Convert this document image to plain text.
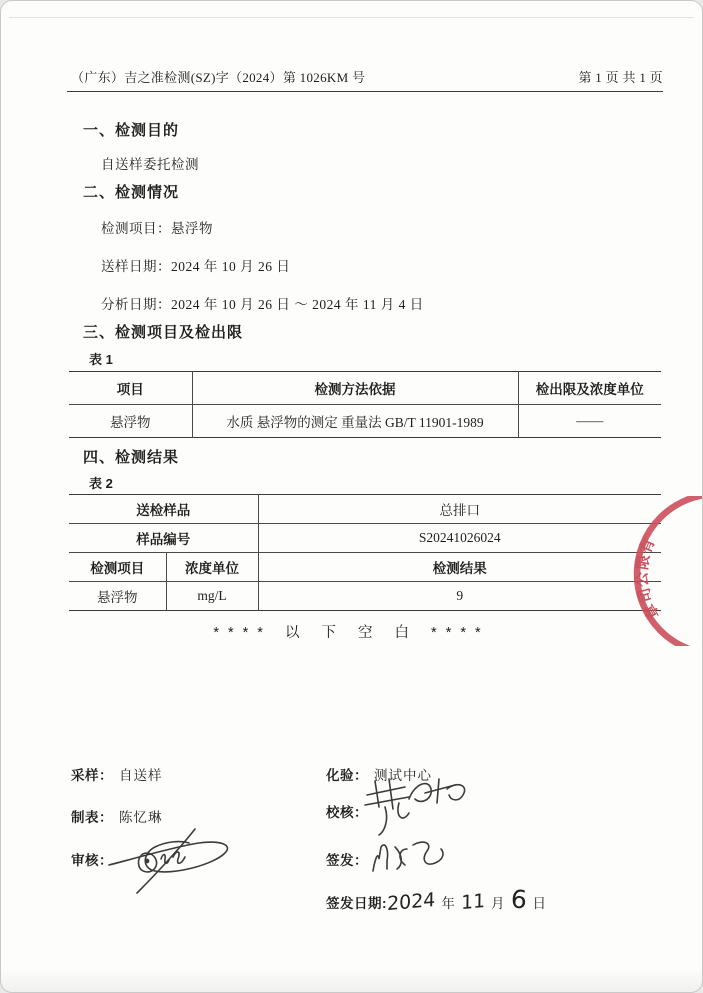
（广东）吉之准检测(SZ)字（2024）第 1026KM 号	第 1 页 共 1 页
一、检测目的
自送样委托检测
二、检测情况
检测项目：悬浮物
送样日期：2024 年 10 月 26 日
分析日期：2024 年 10 月 26 日 ～ 2024 年 11 月 4 日
三、检测项目及检出限
表 1
项目	检测方法依据	检出限及浓度单位
悬浮物	水质 悬浮物的测定 重量法 GB/T 11901-1989	——
四、检测结果
表 2
送检样品		总排口
样品编号		S20241026024
检测项目	浓度单位	检测结果
悬浮物	mg/L	9
**** 以 下 空 白 ****
采样： 自送样
制表： 陈忆琳
审核：
化验： 测试中心
校核：
签发：
签发日期: 2024 年 11 月 6 日
有
限
公
司
章
